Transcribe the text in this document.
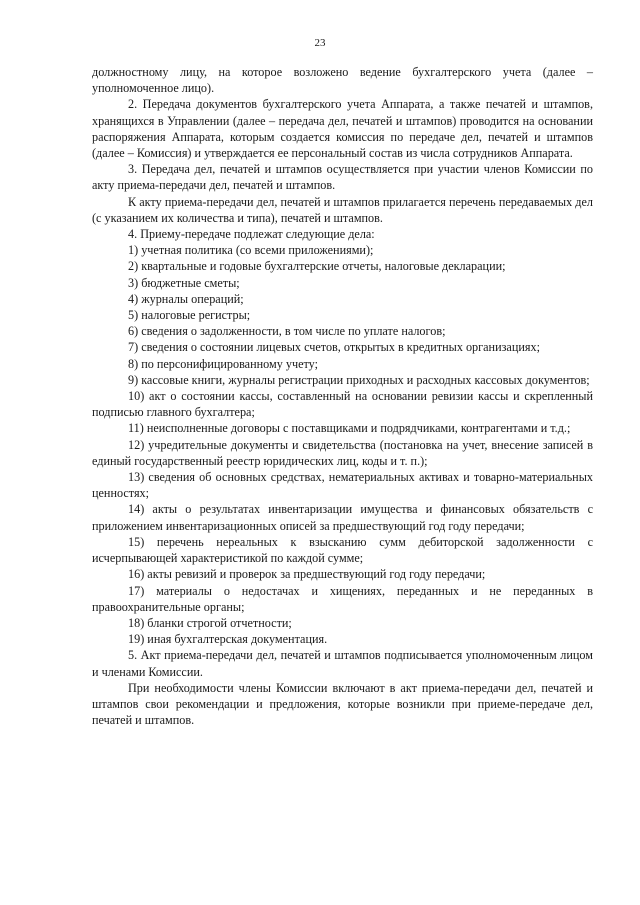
23

должностному лицу, на которое возложено ведение бухгалтерского учета (далее – уполномоченное лицо).

2. Передача документов бухгалтерского учета Аппарата, а также печатей и штампов, хранящихся в Управлении (далее – передача дел, печатей и штампов) проводится на основании распоряжения Аппарата, которым создается комиссия по передаче дел, печатей и штампов (далее – Комиссия) и утверждается ее персональный состав из числа сотрудников Аппарата.

3. Передача дел, печатей и штампов осуществляется при участии членов Комиссии по акту приема-передачи дел, печатей и штампов.

К акту приема-передачи дел, печатей и штампов прилагается перечень передаваемых дел (с указанием их количества и типа), печатей и штампов.

4. Приему-передаче подлежат следующие дела:

1) учетная политика (со всеми приложениями);

2) квартальные и годовые бухгалтерские отчеты, налоговые декларации;

3) бюджетные сметы;

4) журналы операций;

5) налоговые регистры;

6) сведения о задолженности, в том числе по уплате налогов;

7) сведения о состоянии лицевых счетов, открытых в кредитных организациях;

8) по персонифицированному учету;

9) кассовые книги, журналы регистрации приходных и расходных кассовых документов;

10) акт о состоянии кассы, составленный на основании ревизии кассы и скрепленный подписью главного бухгалтера;

11) неисполненные договоры с поставщиками и подрядчиками, контрагентами и т.д.;

12) учредительные документы и свидетельства (постановка на учет, внесение записей в единый государственный реестр юридических лиц, коды и т. п.);

13) сведения об основных средствах, нематериальных активах и товарно-материальных ценностях;

14) акты о результатах инвентаризации имущества и финансовых обязательств с приложением инвентаризационных описей за предшествующий год году передачи;

15) перечень нереальных к взысканию сумм дебиторской задолженности с исчерпывающей характеристикой по каждой сумме;

16) акты ревизий и проверок за предшествующий год году передачи;

17) материалы о недостачах и хищениях, переданных и не переданных в правоохранительные органы;

18) бланки строгой отчетности;

19) иная бухгалтерская документация.

5. Акт приема-передачи дел, печатей и штампов подписывается уполномоченным лицом и членами Комиссии.

При необходимости члены Комиссии включают в акт приема-передачи дел, печатей и штампов свои рекомендации и предложения, которые возникли при приеме-передаче дел, печатей и штампов.
